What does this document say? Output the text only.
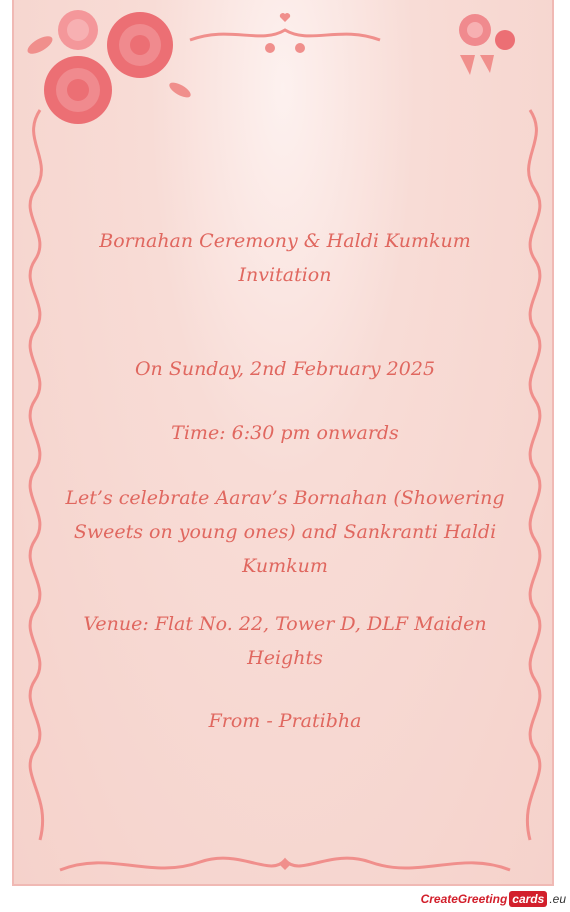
Bornahan Ceremony & Haldi Kumkum Invitation
On Sunday, 2nd February 2025
Time: 6:30 pm onwards
Let’s celebrate Aarav’s Bornahan (Showering Sweets on young ones) and Sankranti Haldi Kumkum
Venue: Flat No. 22, Tower D, DLF Maiden Heights
From - Pratibha
CreateGreeting cards .eu
